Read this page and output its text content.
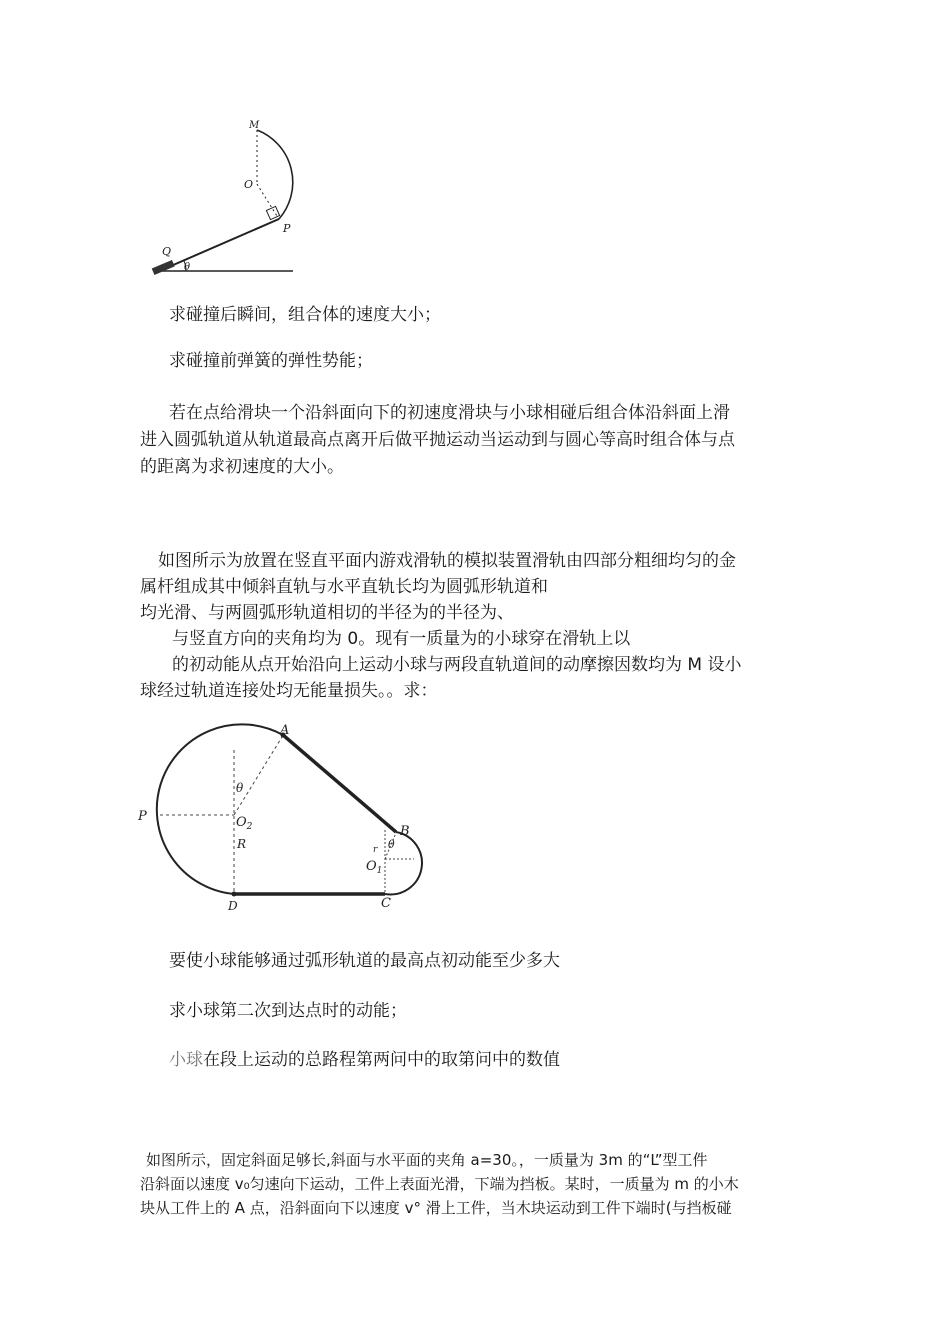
M
O
P
Q
θ
求碰撞后瞬间，组合体的速度大小；
求碰撞前弹簧的弹性势能；
若在点给滑块一个沿斜面向下的初速度滑块与小球相碰后组合体沿斜面上滑
进入圆弧轨道从轨道最高点离开后做平抛运动当运动到与圆心等高时组合体与点
的距离为求初速度的大小。
如图所示为放置在竖直平面内游戏滑轨的模拟装置滑轨由四部分粗细均匀的金
属杆组成其中倾斜直轨与水平直轨长均为圆弧形轨道和
均光滑、与两圆弧形轨道相切的半径为的半径为、
与竖直方向的夹角均为 0。现有一质量为的小球穿在滑轨上以
的初动能从点开始沿向上运动小球与两段直轨道间的动摩擦因数均为 M 设小
球经过轨道连接处均无能量损失。。求：
A
B
C
D
P	$O_2$
$O_1$
R
θ
θ
r
要使小球能够通过弧形轨道的最高点初动能至少多大
求小球第二次到达点时的动能；
小球在段上运动的总路程第两问中的取第问中的数值
如图所示，固定斜面足够长,斜面与水平面的夹角 a=30。，一质量为 3m 的“L”型工件
沿斜面以速度 v₀匀速向下运动，工件上表面光滑，下端为挡板。某时，一质量为 m 的小木
块从工件上的 A 点，沿斜面向下以速度 v° 滑上工件，当木块运动到工件下端时(与挡板碰
